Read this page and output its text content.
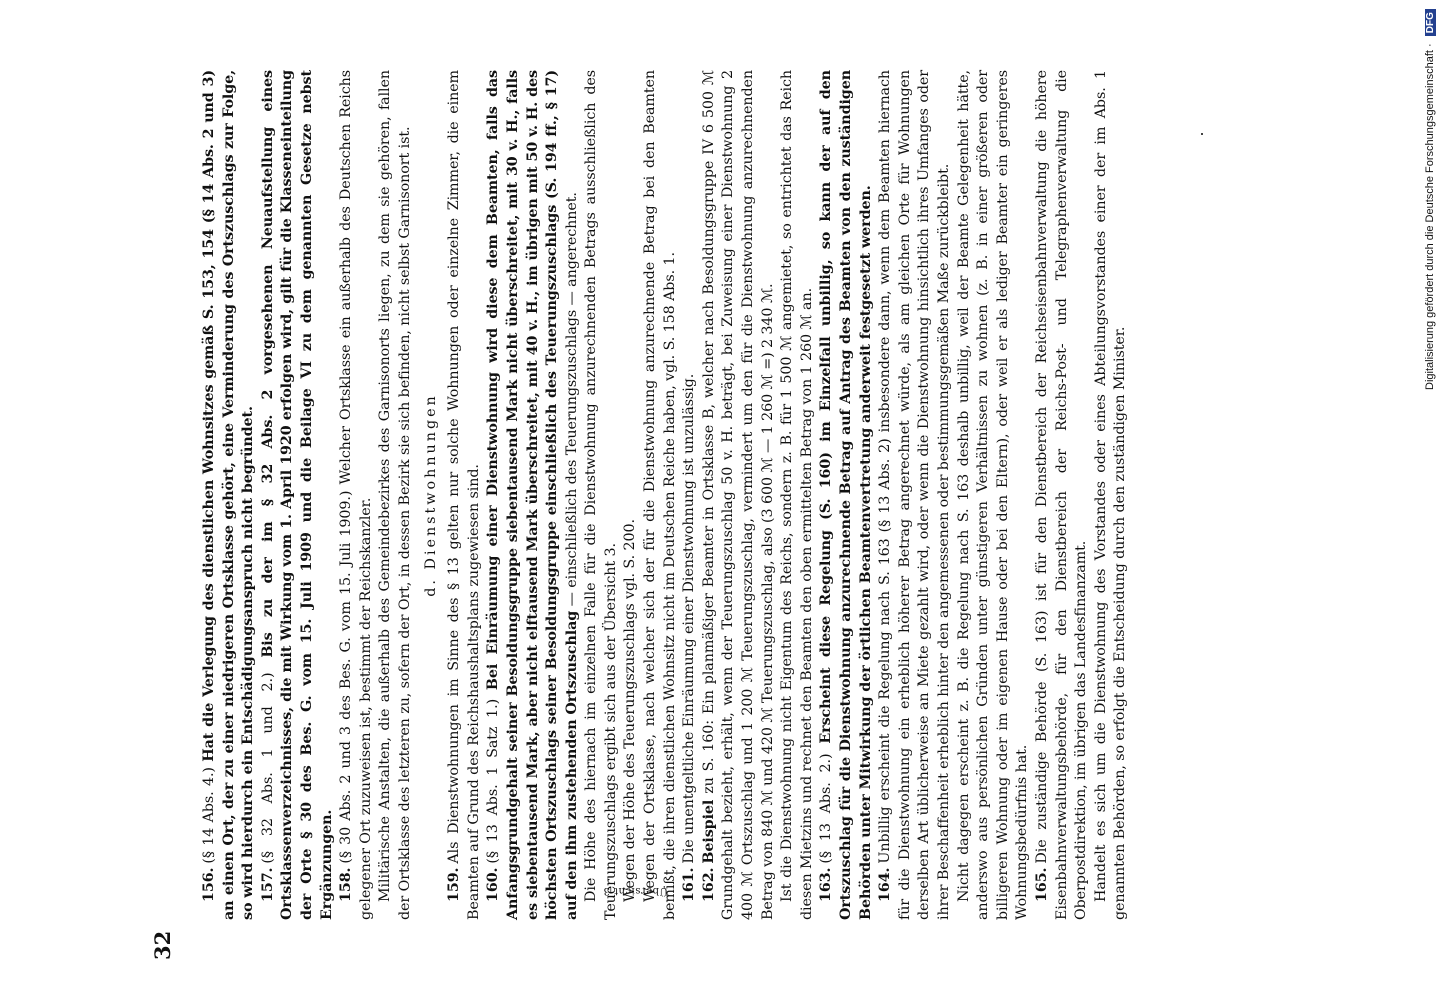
32

156.(§ 14 Abs. 4.) Hat die Verlegung des dienstlichen Wohnsitzes gemäß S. 153, 154 (§ 14 Abs. 2 und 3) an einen Ort, der zu einer niedrigeren Ortsklasse gehört, eine Verminderung des Ortszuschlags zur Folge, so wird hierdurch ein Entschädigungsanspruch nicht begründet. 157.(§ 32 Abs. 1 und 2.) Bis zu der im § 32 Abs. 2 vorgesehenen Neuaufstellung eines Ortsklassenverzeichnisses, die mit Wirkung vom 1. April 1920 erfolgen wird, gilt für die Klasseneinteilung der Orte § 30 des Bes. G. vom 15. Juli 1909 und die Beilage VI zu dem genannten Gesetze nebst Ergänzungen. 158.(§ 30 Abs. 2 und 3 des Bes. G. vom 15. Juli 1909.) Welcher Ortsklasse ein außerhalb des Deutschen Reichs gelegener Ort zuzuweisen ist, bestimmt der Reichskanzler. Militärische Anstalten, die außerhalb des Gemeindebezirkes des Garnisonorts liegen, zu dem sie gehören, fallen der Ortsklasse des letzteren zu, sofern der Ort, in dessen Bezirk sie sich befinden, nicht selbst Garnisonort ist. d. Dienstwohnungen

159.Als Dienstwohnungen im Sinne des § 13 gelten nur solche Wohnungen oder einzelne Zimmer, die einem Beamten auf Grund des Reichshaushaltsplans zugewiesen sind. 160.(§ 13 Abs. 1 Satz 1.) Bei Einräumung einer Dienstwohnung wird diese dem Beamten, falls das Anfangsgrundgehalt seiner Besoldungsgruppe siebentausend Mark nicht überschreitet, mit 30 v. H., falls es siebentausend Mark, aber nicht elftausend Mark überschreitet, mit 40 v. H., im übrigen mit 50 v. H. des höchsten Ortszuschlags seiner Besoldungsgruppe einschließlich des Teuerungszuschlags (S. 194 ff., § 17) auf den ihm zustehenden Ortszuschlag — einschließlich des Teuerungszuschlags — angerechnet. Die Höhe des hiernach im einzelnen Falle für die Dienstwohnung anzurechnenden Betrags ausschließlich des Teuerungszuschlags ergibt sich aus der Übersicht 3. Wegen der Höhe des Teuerungszuschlags vgl. S. 200. Wegen der Ortsklasse, nach welcher sich der für die Dienstwohnung anzurechnende Betrag bei den Beamten bemißt, die ihren dienstlichen Wohnsitz nicht im Deutschen Reiche haben, vgl. S. 158 Abs. 1. 161.Die unentgeltliche Einräumung einer Dienstwohnung ist unzulässig.

162.Beispiel zu S. 160: Ein planmäßiger Beamter in Ortsklasse B, welcher nach Besoldungsgruppe IV 6 500 ℳ Grundgehalt bezieht, erhält, wenn der Teuerungszuschlag 50 v. H. beträgt, bei Zuweisung einer Dienstwohnung 2 400 ℳ Ortszuschlag und 1 200 ℳ Teuerungszuschlag, vermindert um den für die Dienstwohnung anzurechnenden Betrag von 840 ℳ und 420 ℳ Teuerungszuschlag, also (3 600 ℳ — 1 260 ℳ =) 2 340 ℳ. Ist die Dienstwohnung nicht Eigentum des Reichs, sondern z. B. für 1 500 ℳ angemietet, so entrichtet das Reich diesen Mietzins und rechnet den Beamten den oben ermittelten Betrag von 1 260 ℳ an. 163.(§ 13 Abs. 2.) Erscheint diese Regelung (S. 160) im Einzelfall unbillig, so kann der auf den Ortszuschlag für die Dienstwohnung anzurechnende Betrag auf Antrag des Beamten von den zuständigen Behörden unter Mitwirkung der örtlichen Beamtenvertretung anderweit festgesetzt werden. 164.Unbillig erscheint die Regelung nach S. 163 (§ 13 Abs. 2) insbesondere dann, wenn dem Beamten hiernach für die Dienstwohnung ein erheblich höherer Betrag angerechnet würde, als am gleichen Orte für Wohnungen derselben Art üblicherweise an Miete gezahlt wird, oder wenn die Dienstwohnung hinsichtlich ihres Umfanges oder ihrer Beschaffenheit erheblich hinter den angemessenen oder bestimmungsgemäßen Maße zurückbleibt. Nicht dagegen erscheint z. B. die Regelung nach S. 163 deshalb unbillig, weil der Beamte Gelegenheit hätte, anderswo aus persönlichen Gründen unter günstigeren Verhältnissen zu wohnen (z. B. in einer größeren oder billigeren Wohnung oder im eigenen Hause oder bei den Eltern), oder weil er als lediger Beamter ein geringeres Wohnungsbedürfnis hat. 165.Die zuständige Behörde (S. 163) ist für den Dienstbereich der Reichseisenbahnverwaltung die höhere Eisenbahnverwaltungsbehörde, für den Dienstbereich der Reichs-Post- und Telegraphenverwaltung die Oberpostdirektion, im übrigen das Landesfinanzamt. Handelt es sich um die Dienstwohnung des Vorstandes oder eines Abteilungsvorstandes einer der im Abs. 1 genannten Behörden, so erfolgt die Entscheidung durch den zuständigen Minister.

Übersicht 3
Digitalisierung gefördert durch die Deutsche Forschungsgemeinschaft · DFG
